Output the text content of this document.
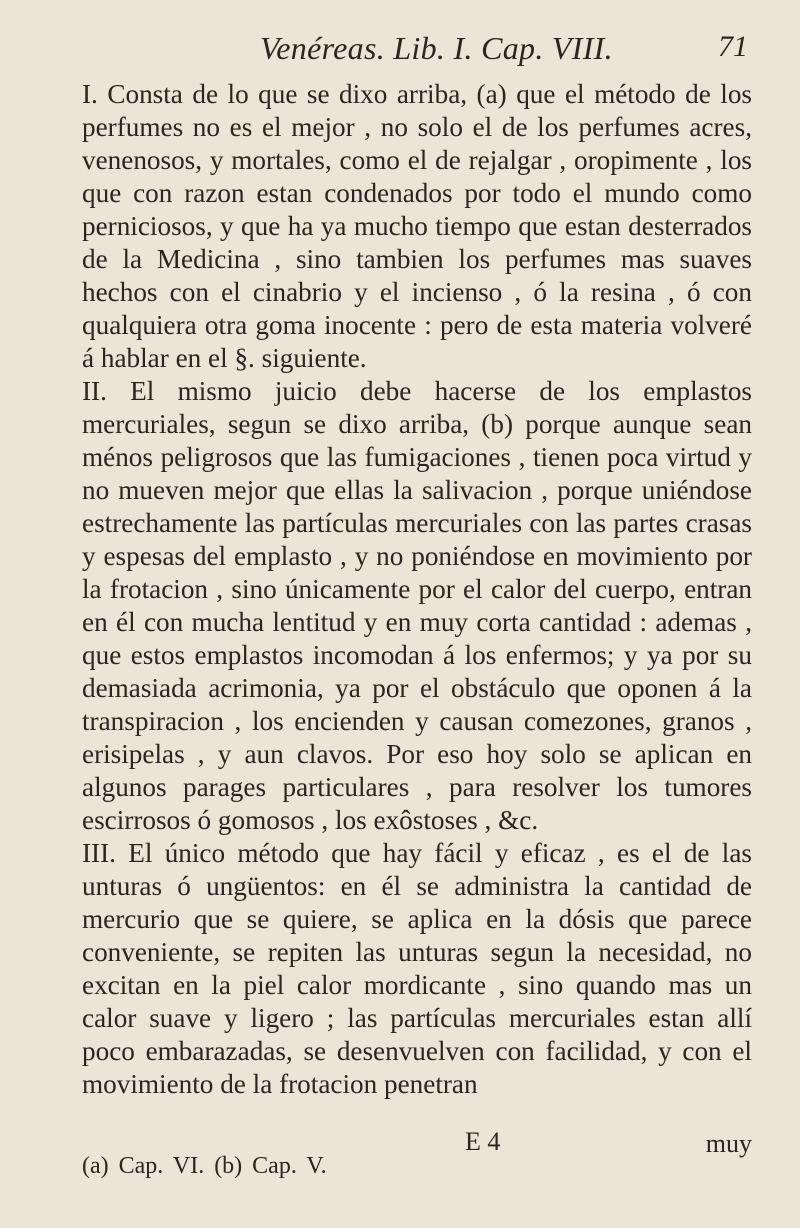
Venéreas. Lib. I. Cap. VIII.	71

I. Consta de lo que se dixo arriba, (a) que el método de los perfumes no es el mejor , no solo el de los perfumes acres, venenosos, y mortales, como el de rejalgar , oropimente , los que con razon estan condenados por todo el mundo como perniciosos, y que ha ya mucho tiempo que estan desterrados de la Medicina , sino tambien los perfumes mas suaves hechos con el cinabrio y el incienso , ó la resina , ó con qualquiera otra goma inocente : pero de esta materia volveré á hablar en el §. siguiente.

II. El mismo juicio debe hacerse de los emplastos mercuriales, segun se dixo arriba, (b) porque aunque sean ménos peligrosos que las fumigaciones , tienen poca virtud y no mueven mejor que ellas la salivacion , porque uniéndose estrechamente las partículas mercuriales con las partes crasas y espesas del emplasto , y no poniéndose en movimiento por la frotacion , sino únicamente por el calor del cuerpo, entran en él con mucha lentitud y en muy corta cantidad : ademas , que estos emplastos incomodan á los enfermos; y ya por su demasiada acrimonia, ya por el obstáculo que oponen á la transpiracion , los encienden y causan comezones, granos , erisipelas , y aun clavos. Por eso hoy solo se aplican en algunos parages particulares , para resolver los tumores escirrosos ó gomosos , los exôstoses , &c.

III. El único método que hay fácil y eficaz , es el de las unturas ó ungüentos: en él se administra la cantidad de mercurio que se quiere, se aplica en la dósis que parece conveniente, se repiten las unturas segun la necesidad, no excitan en la piel calor mordicante , sino quando mas un calor suave y ligero ; las partículas mercuriales estan allí poco embarazadas, se desenvuelven con facilidad, y con el movimiento de la frotacion penetran

E 4	muy
(a) Cap. VI. (b) Cap. V.
